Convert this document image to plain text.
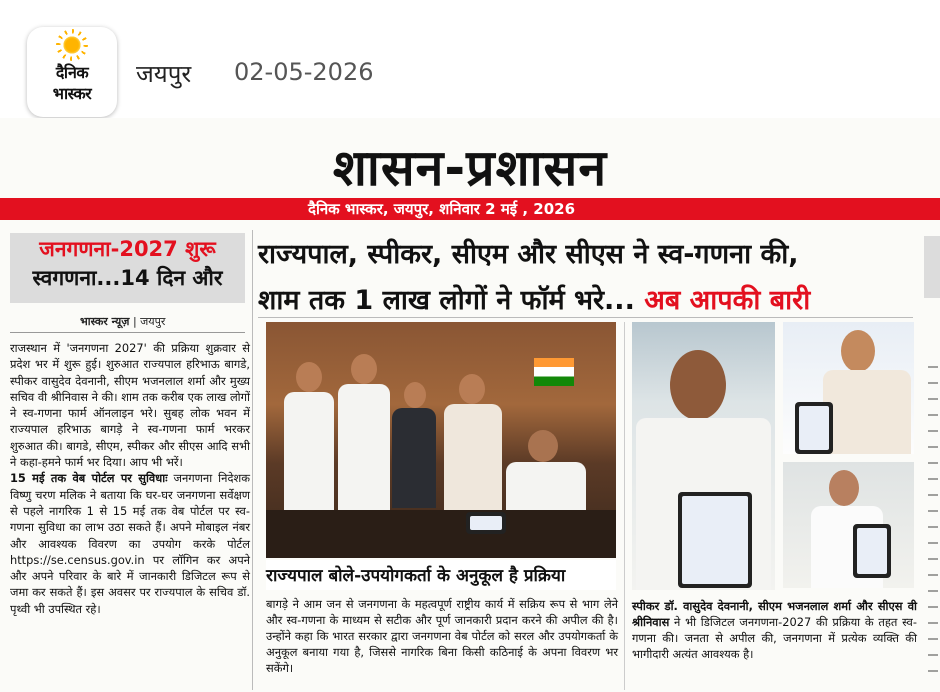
दैनिक
भास्कर
जयपुर 02-05-2026
शासन-प्रशासन
दैनिक भास्कर, जयपुर, शनिवार 2 मई , 2026
जनगणना-2027 शुरू
स्वगणना...14 दिन और
भास्कर न्यूज़ | जयपुर

राजस्थान में 'जनगणना 2027' की प्रक्रिया शुक्रवार से प्रदेश भर में शुरू हुई। शुरुआत राज्यपाल हरिभाऊ बागडे, स्पीकर वासुदेव देवनानी, सीएम भजनलाल शर्मा और मुख्य सचिव वी श्रीनिवास ने की। शाम तक करीब एक लाख लोगों ने स्व-गणना फार्म ऑनलाइन भरे। सुबह लोक भवन में राज्यपाल हरिभाऊ बागड़े ने स्व-गणना फार्म भरकर शुरुआत की। बागडे, सीएम, स्पीकर और सीएस आदि सभी ने कहा-हमने फार्म भर दिया। आप भी भरें।

15 मई तक वेब पोर्टल पर सुविधाः जनगणना निदेशक विष्णु चरण मलिक ने बताया कि घर-घर जनगणना सर्वेक्षण से पहले नागरिक 1 से 15 मई तक वेब पोर्टल पर स्व-गणना सुविधा का लाभ उठा सकते हैं। अपने मोबाइल नंबर और आवश्यक विवरण का उपयोग करके पोर्टल https://se.census.gov.in पर लॉगिन कर अपने और अपने परिवार के बारे में जानकारी डिजिटल रूप से जमा कर सकते हैं। इस अवसर पर राज्यपाल के सचिव डॉ. पृथ्वी भी उपस्थित रहे।

राज्यपाल, स्पीकर, सीएम और सीएस ने स्व-गणना की,
शाम तक 1 लाख लोगों ने फॉर्म भरे... अब आपकी बारी
राज्यपाल बोले-उपयोगकर्ता के अनुकूल है प्रक्रिया
बागड़े ने आम जन से जनगणना के महत्वपूर्ण राष्ट्रीय कार्य में सक्रिय रूप से भाग लेने और स्व-गणना के माध्यम से सटीक और पूर्ण जानकारी प्रदान करने की अपील की है। उन्होंने कहा कि भारत सरकार द्वारा जनगणना वेब पोर्टल को सरल और उपयोगकर्ता के अनुकूल बनाया गया है, जिससे नागरिक बिना किसी कठिनाई के अपना विवरण भर सकेंगे।
स्पीकर डॉ. वासुदेव देवनानी, सीएम भजनलाल शर्मा और सीएस वी श्रीनिवास ने भी डिजिटल जनगणना-2027 की प्रक्रिया के तहत स्व-गणना की। जनता से अपील की, जनगणना में प्रत्येक व्यक्ति की भागीदारी अत्यंत आवश्यक है।
